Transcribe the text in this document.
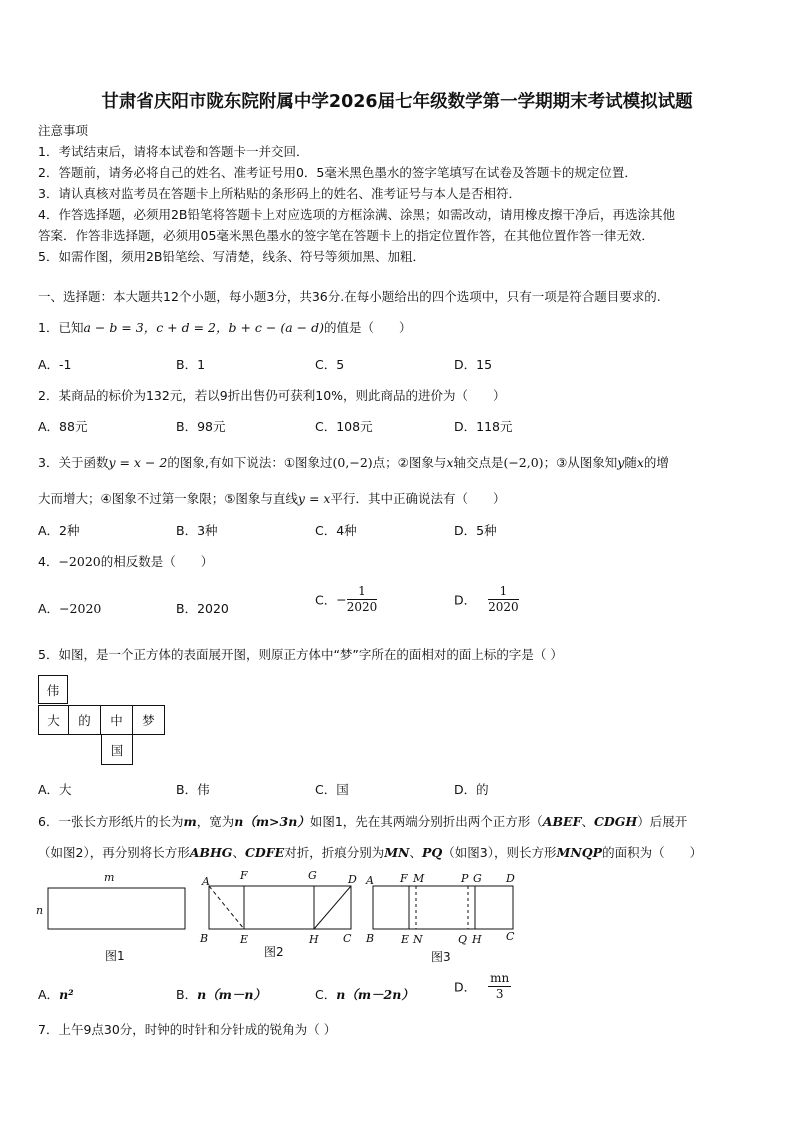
甘肃省庆阳市陇东院附属中学2026届七年级数学第一学期期末考试模拟试题
注意事项
1．考试结束后，请将本试卷和答题卡一并交回．
2．答题前，请务必将自己的姓名、准考证号用0．5毫米黑色墨水的签字笔填写在试卷及答题卡的规定位置．
3．请认真核对监考员在答题卡上所粘贴的条形码上的姓名、准考证号与本人是否相符．
4．作答选择题，必须用2B铅笔将答题卡上对应选项的方框涂满、涂黑；如需改动，请用橡皮擦干净后，再选涂其他
答案．作答非选择题，必须用05毫米黑色墨水的签字笔在答题卡上的指定位置作答，在其他位置作答一律无效．
5．如需作图，须用2B铅笔绘、写清楚，线条、符号等须加黑、加粗．
一、选择题：本大题共12个小题，每小题3分，共36分.在每小题给出的四个选项中，只有一项是符合题目要求的.
1．已知a − b = 3，c + d = 2，b + c − (a − d)的值是（　　）
A．-1	B．1	C．5	D．15
2．某商品的标价为132元，若以9折出售仍可获利10%，则此商品的进价为（　　）
A．88元	B．98元	C．108元	D．118元
3．关于函数y = x − 2的图象,有如下说法：①图象过(0,−2)点；②图象与x轴交点是(−2,0)；③从图象知y随x的增
大而增大；④图象不过第一象限；⑤图象与直线y = x平行．其中正确说法有（　　）
A．2种	B．3种	C．4种	D．5种
4．−2020的相反数是（　　）
A．−2020	B．2020
C．− $\frac{1}{2020}$	D． $\frac{1}{2020}$
5．如图，是一个正方体的表面展开图，则原正方体中“梦”字所在的面相对的面上标的字是（ ）
伟
大	的	中	梦
国
A．大	B．伟	C．国	D．的
6．一张长方形纸片的长为m，宽为n（m>3n）如图1，先在其两端分别折出两个正方形（ABEF、CDGH）后展开
（如图2），再分别将长方形ABHG、CDFE对折，折痕分别为MN、PQ（如图3），则长方形MNQP的面积为（　　）
m
n
图1
A	F	G	D
B	E	H C
图2
A F M	P G D
B E N	Q H C
图3
A．n²	B．n（m－n）	C．n（m－2n）	D． $\frac{mn}{3}$
7．上午9点30分，时钟的时针和分针成的锐角为（ ）
